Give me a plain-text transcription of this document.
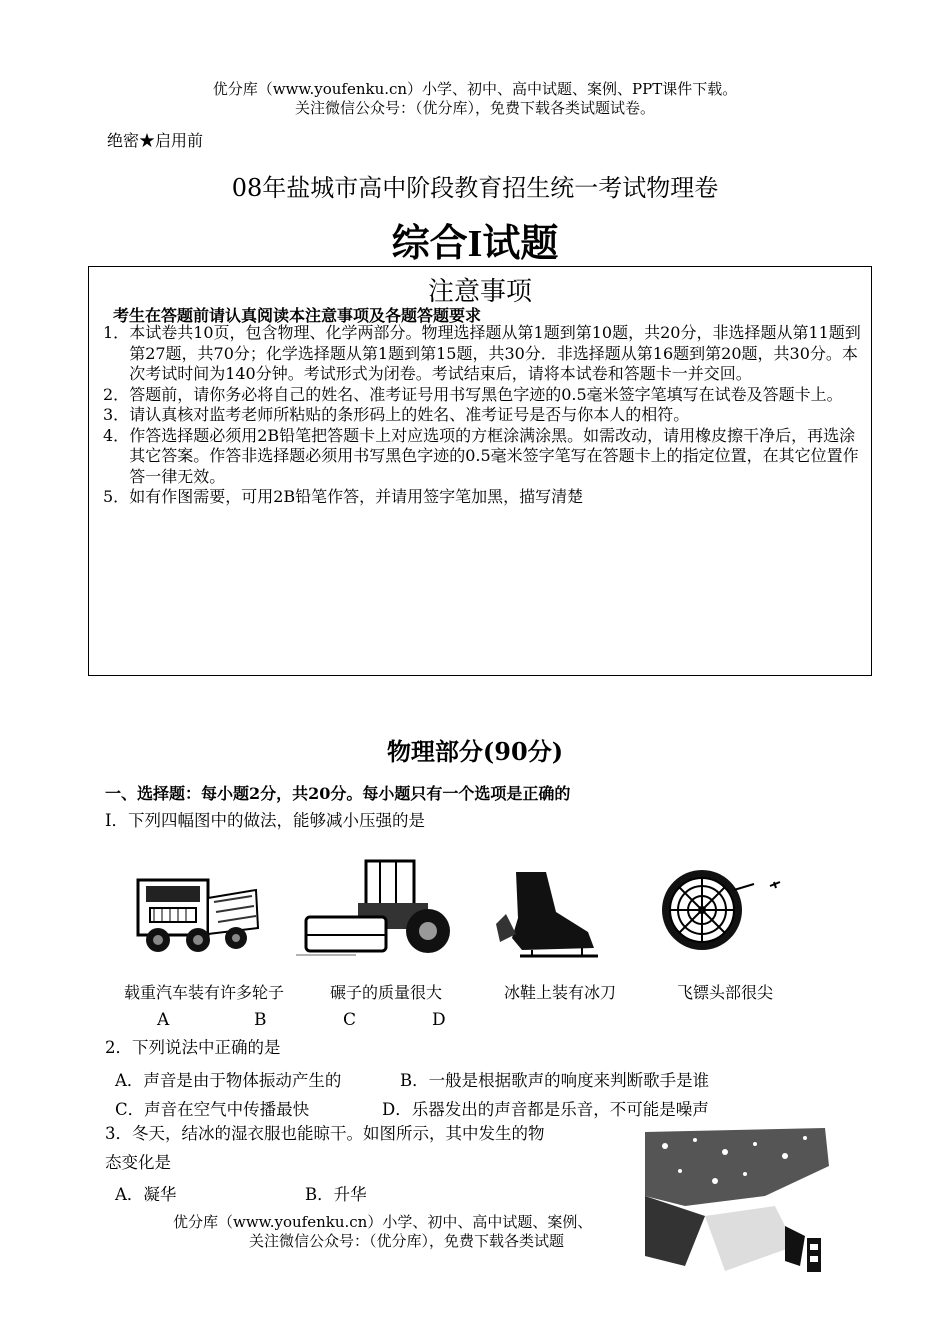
优分库（www.youfenku.cn）小学、初中、高中试题、案例、PPT课件下载。
关注微信公众号：（优分库），免费下载各类试题试卷。
绝密★启用前
08年盐城市高中阶段教育招生统一考试物理卷
综合I试题
注意事项
考生在答题前请认真阅读本注意事项及各题答题要求
1． 本试卷共10页，包含物理、化学两部分。物理选择题从第1题到第10题，共20分，非选择题从第11题到第27题，共70分；化学选择题从第1题到第15题，共30分．非选择题从第16题到第20题，共30分。本次考试时间为140分钟。考试形式为闭卷。考试结束后，请将本试卷和答题卡一并交回。
2． 答题前，请你务必将自己的姓名、准考证号用书写黑色字迹的0.5毫米签字笔填写在试卷及答题卡上。
3． 请认真核对监考老师所粘贴的条形码上的姓名、准考证号是否与你本人的相符。
4． 作答选择题必须用2B铅笔把答题卡上对应选项的方框涂满涂黑。如需改动，请用橡皮擦干净后，再选涂其它答案。作答非选择题必须用书写黑色字迹的0.5毫米签字笔写在答题卡上的指定位置，在其它位置作答一律无效。
5． 如有作图需要，可用2B铅笔作答，并请用签字笔加黑，描写清楚
物理部分(90分)
一、选择题：每小题2分，共20分。每小题只有一个选项是正确的
I．下列四幅图中的做法，能够减小压强的是
载重汽车装有许多轮子	碾子的质量很大	冰鞋上装有冰刀	飞镖头部很尖
A	B	C	D
2．下列说法中正确的是
A．声音是由于物体振动产生的	B．一般是根据歌声的响度来判断歌手是谁
C．声音在空气中传播最快	D．乐器发出的声音都是乐音，不可能是噪声
3．冬天，结冰的湿衣服也能晾干。如图所示，其中发生的物
态变化是
A．凝华	B．升华
优分库（www.youfenku.cn）小学、初中、高中试题、案例、
关注微信公众号：（优分库），免费下载各类试题
